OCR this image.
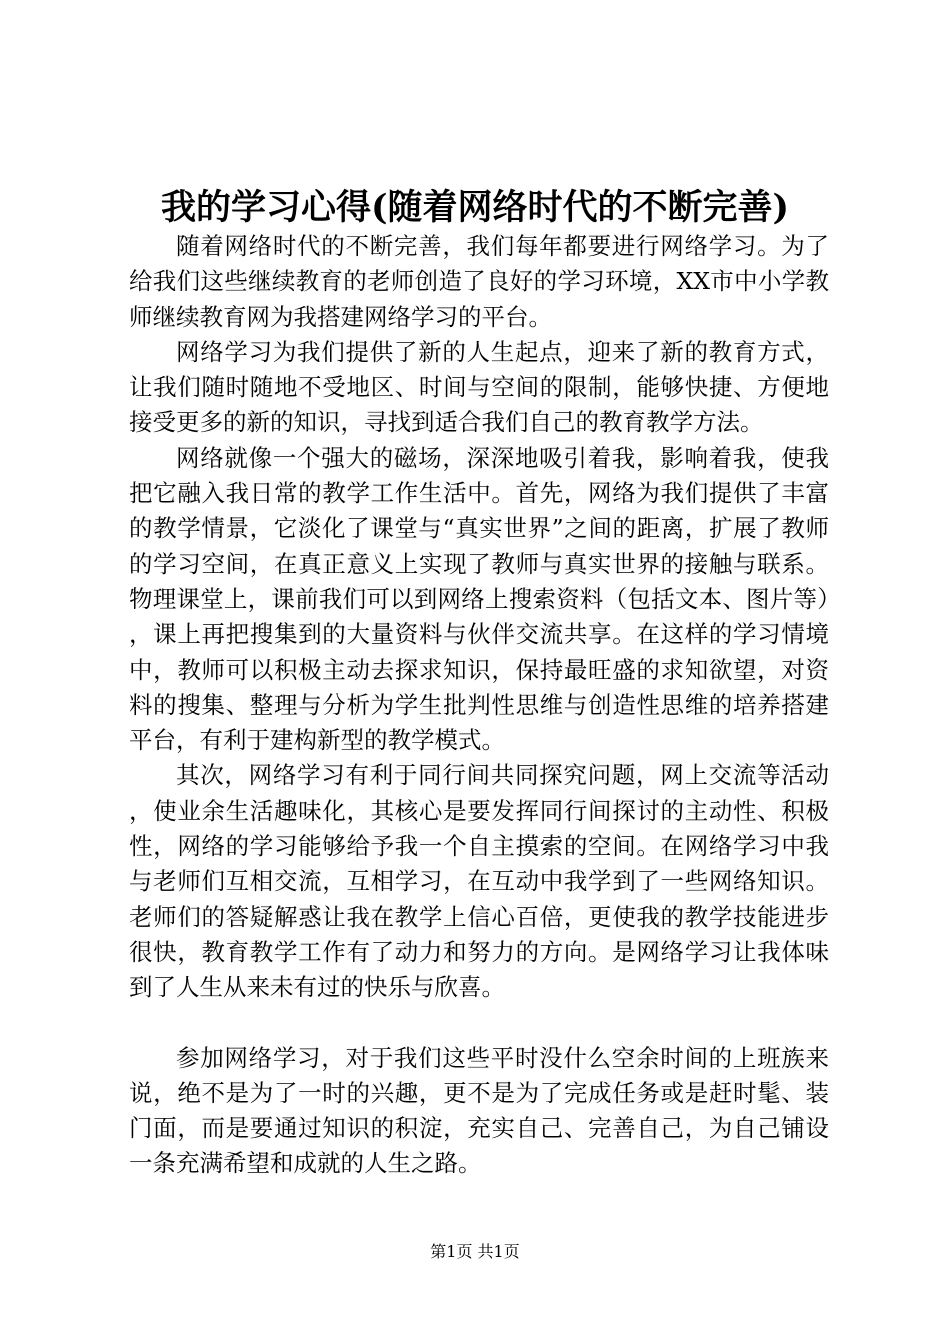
我的学习心得(随着网络时代的不断完善)

随着网络时代的不断完善，我们每年都要进行网络学习。为了给我们这些继续教育的老师创造了良好的学习环境，XX市中小学教师继续教育网为我搭建网络学习的平台。

网络学习为我们提供了新的人生起点，迎来了新的教育方式，让我们随时随地不受地区、时间与空间的限制，能够快捷、方便地接受更多的新的知识，寻找到适合我们自己的教育教学方法。

网络就像一个强大的磁场，深深地吸引着我，影响着我，使我把它融入我日常的教学工作生活中。首先，网络为我们提供了丰富的教学情景，它淡化了课堂与“真实世界”之间的距离，扩展了教师的学习空间，在真正意义上实现了教师与真实世界的接触与联系。物理课堂上，课前我们可以到网络上搜索资料（包括文本、图片等），课上再把搜集到的大量资料与伙伴交流共享。在这样的学习情境中，教师可以积极主动去探求知识，保持最旺盛的求知欲望，对资料的搜集、整理与分析为学生批判性思维与创造性思维的培养搭建平台，有利于建构新型的教学模式。

其次，网络学习有利于同行间共同探究问题，网上交流等活动，使业余生活趣味化，其核心是要发挥同行间探讨的主动性、积极性，网络的学习能够给予我一个自主摸索的空间。在网络学习中我与老师们互相交流，互相学习，在互动中我学到了一些网络知识。老师们的答疑解惑让我在教学上信心百倍，更使我的教学技能进步很快，教育教学工作有了动力和努力的方向。是网络学习让我体味到了人生从来未有过的快乐与欣喜。

参加网络学习，对于我们这些平时没什么空余时间的上班族来说，绝不是为了一时的兴趣，更不是为了完成任务或是赶时髦、装门面，而是要通过知识的积淀，充实自己、完善自己，为自己铺设一条充满希望和成就的人生之路。

第1页 共1页
